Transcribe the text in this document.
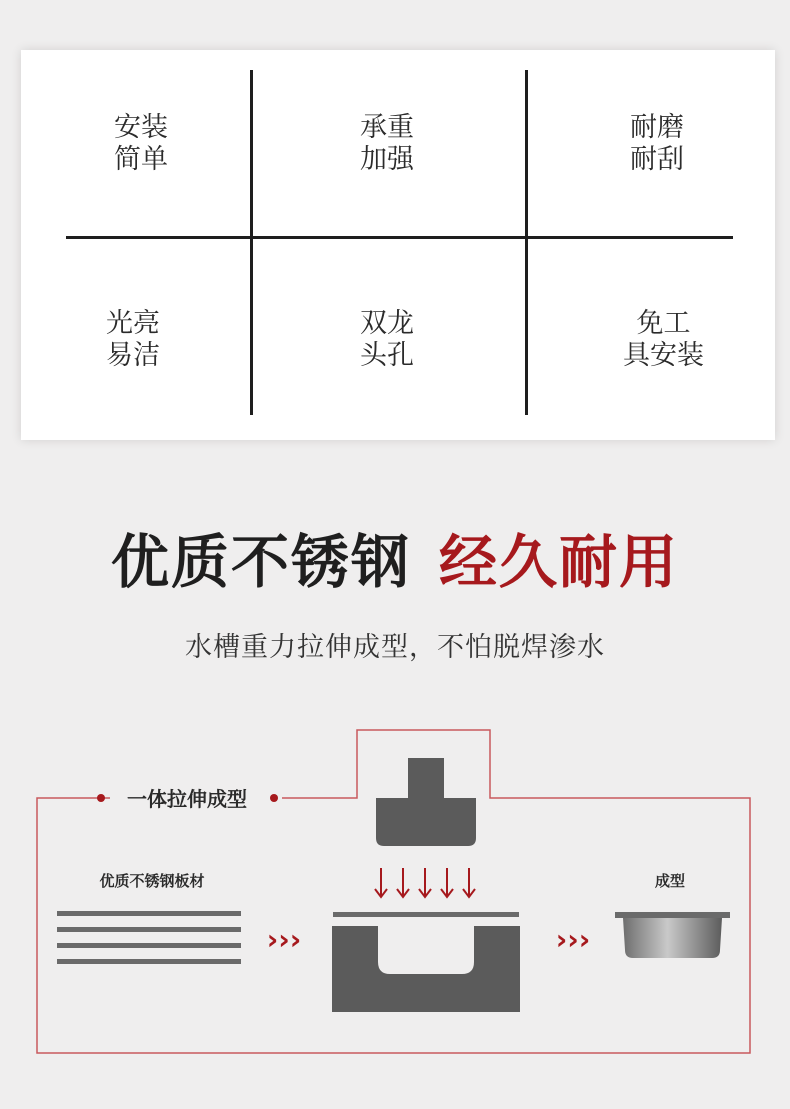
安装
简单
承重
加强
耐磨
耐刮
光亮
易洁
双龙
头孔
免工
具安装
优质不锈钢 经久耐用
水槽重力拉伸成型，不怕脱焊渗水
一体拉伸成型
优质不锈钢板材
›››	›››
成型
